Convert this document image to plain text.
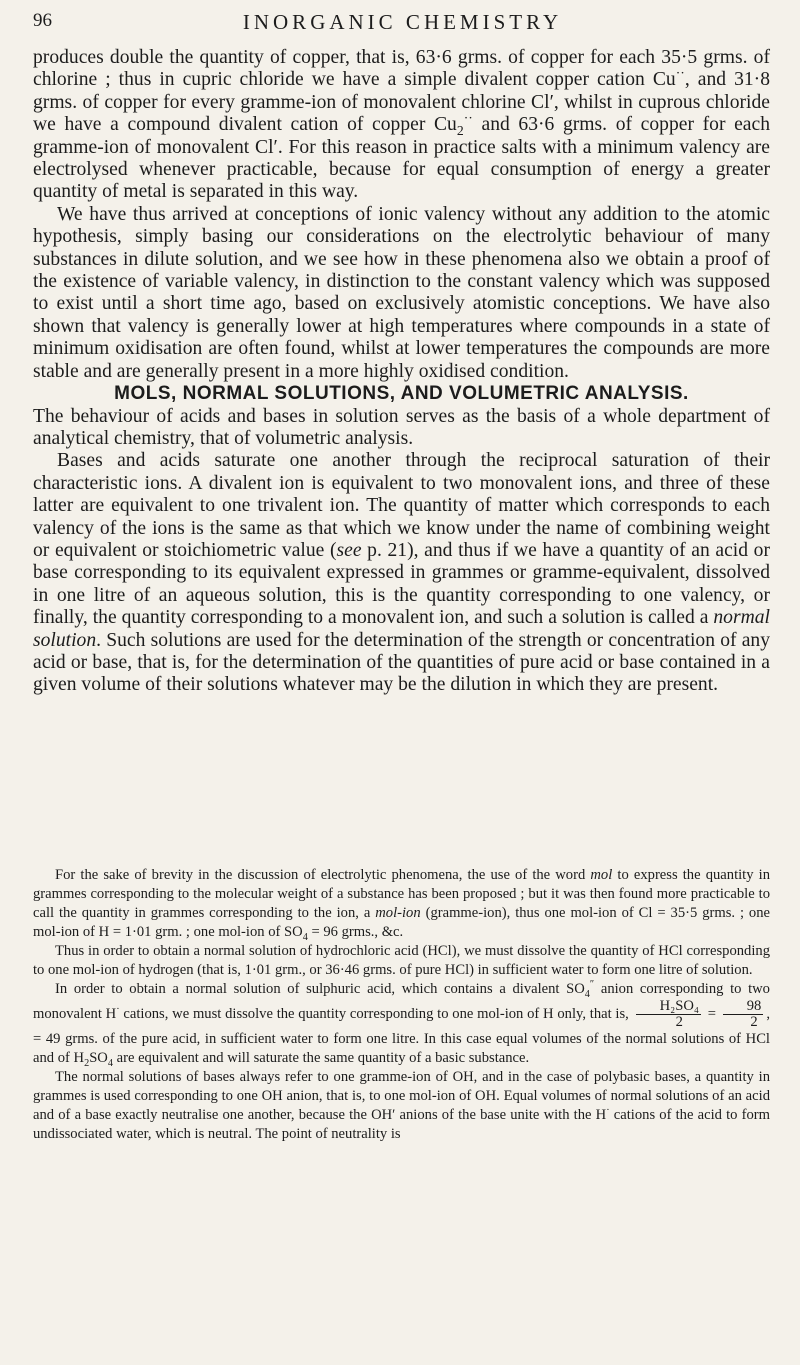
96	INORGANIC CHEMISTRY

produces double the quantity of copper, that is, 63·6 grms. of copper for each 35·5 grms. of chlorine ; thus in cupric chloride we have a simple divalent copper cation Cu··, and 31·8 grms. of copper for every gramme-ion of monovalent chlorine Cl′, whilst in cuprous chloride we have a compound divalent cation of copper $Cu_2^{\cdot\cdot}$ and 63·6 grms. of copper for each gramme-ion of monovalent Cl′. For this reason in practice salts with a minimum valency are electrolysed whenever practicable, because for equal consumption of energy a greater quantity of metal is separated in this way.

We have thus arrived at conceptions of ionic valency without any addition to the atomic hypothesis, simply basing our considerations on the electrolytic behaviour of many substances in dilute solution, and we see how in these phenomena also we obtain a proof of the existence of variable valency, in distinction to the constant valency which was supposed to exist until a short time ago, based on exclusively atomistic conceptions. We have also shown that valency is generally lower at high temperatures where compounds in a state of minimum oxidisation are often found, whilst at lower temperatures the compounds are more stable and are generally present in a more highly oxidised condition.

MOLS, NORMAL SOLUTIONS, AND VOLUMETRIC ANALYSIS.

The behaviour of acids and bases in solution serves as the basis of a whole department of analytical chemistry, that of volumetric analysis.

Bases and acids saturate one another through the reciprocal saturation of their characteristic ions. A divalent ion is equivalent to two monovalent ions, and three of these latter are equivalent to one trivalent ion. The quantity of matter which corresponds to each valency of the ions is the same as that which we know under the name of combining weight or equivalent or stoichiometric value (see p. 21), and thus if we have a quantity of an acid or base corresponding to its equivalent expressed in grammes or gramme-equivalent, dissolved in one litre of an aqueous solution, this is the quantity corresponding to one valency, or finally, the quantity corresponding to a monovalent ion, and such a solution is called a normal solution. Such solutions are used for the determination of the strength or concentration of any acid or base, that is, for the determination of the quantities of pure acid or base contained in a given volume of their solutions whatever may be the dilution in which they are present.

For the sake of brevity in the discussion of electrolytic phenomena, the use of the word mol to express the quantity in grammes corresponding to the molecular weight of a substance has been proposed ; but it was then found more practicable to call the quantity in grammes corresponding to the ion, a mol-ion (gramme-ion), thus one mol-ion of Cl = 35·5 grms. ; one mol-ion of H = 1·01 grm. ; one mol-ion of $SO_4 = 96$ grms., &c.

Thus in order to obtain a normal solution of hydrochloric acid (HCl), we must dissolve the quantity of HCl corresponding to one mol-ion of hydrogen (that is, 1·01 grm., or 36·46 grms. of pure HCl) in sufficient water to form one litre of solution.

In order to obtain a normal solution of sulphuric acid, which contains a divalent $SO_4''$ anion corresponding to two monovalent H· cations, we must dissolve the quantity corresponding to one mol-ion of H only, that is, $\frac{\text{H₂SO₄}}{2} = \frac{98}{2}$ , = 49 grms. of the pure acid, in sufficient water to form one litre. In this case equal volumes of the normal solutions of HCl and of $H_2SO_4$ are equivalent and will saturate the same quantity of a basic substance.

The normal solutions of bases always refer to one gramme-ion of OH, and in the case of polybasic bases, a quantity in grammes is used corresponding to one OH anion, that is, to one mol-ion of OH. Equal volumes of normal solutions of an acid and of a base exactly neutralise one another, because the OH′ anions of the base unite with the H· cations of the acid to form undissociated water, which is neutral. The point of neutrality is
